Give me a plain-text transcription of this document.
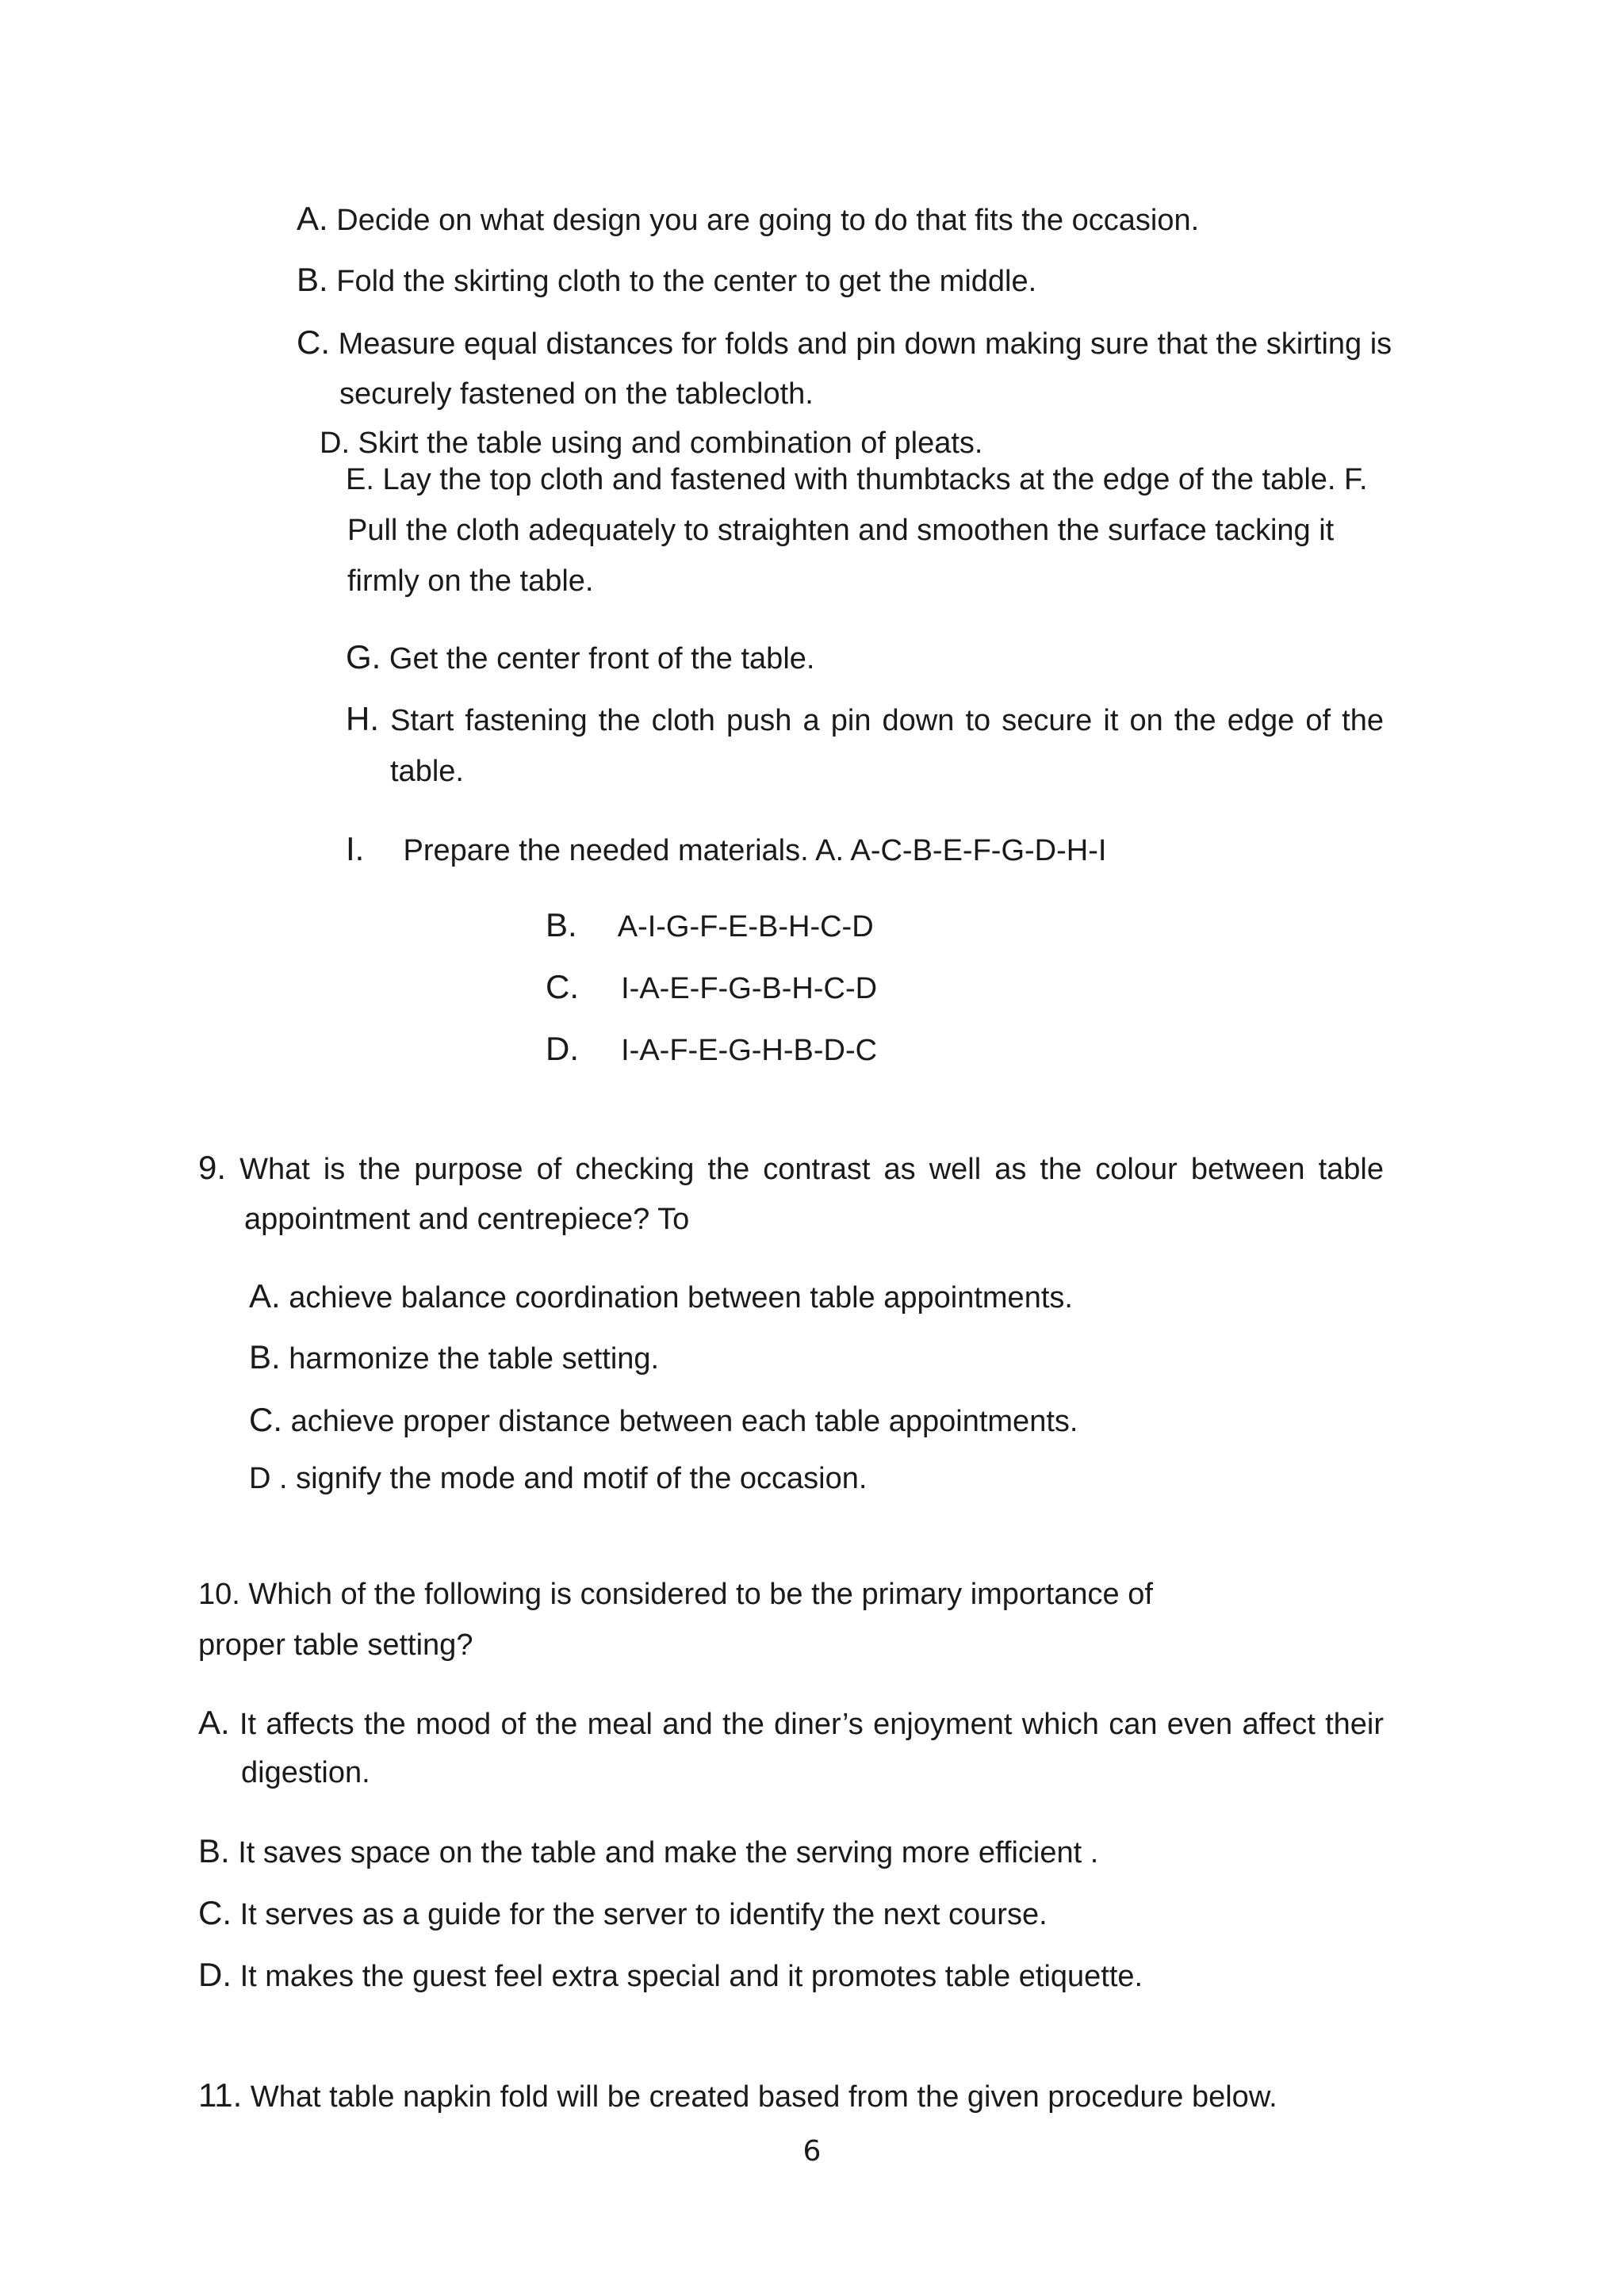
A. Decide on what design you are going to do that fits the occasion.
B. Fold the skirting cloth to the center to get the middle.
C. Measure equal distances for folds and pin down making sure that the skirting is
securely fastened on the tablecloth.
D. Skirt the table using and combination of pleats.
E. Lay the top cloth and fastened with thumbtacks at the edge of the table. F.
Pull the cloth adequately to straighten and smoothen the surface tacking it
firmly on the table.
G. Get the center front of the table.
H. Start fastening the cloth push a pin down to secure it on the edge of the
table.
I. Prepare the needed materials. A. A-C-B-E-F-G-D-H-I
B. A-I-G-F-E-B-H-C-D
C. I-A-E-F-G-B-H-C-D
D. I-A-F-E-G-H-B-D-C
9. What is the purpose of checking the contrast as well as the colour between table
appointment and centrepiece? To
A. achieve balance coordination between table appointments.
B. harmonize the table setting.
C. achieve proper distance between each table appointments.
D . signify the mode and motif of the occasion.
10. Which of the following is considered to be the primary importance of
proper table setting?
A. It affects the mood of the meal and the diner’s enjoyment which can even affect their
digestion.
B. It saves space on the table and make the serving more efficient .
C. It serves as a guide for the server to identify the next course.
D. It makes the guest feel extra special and it promotes table etiquette.
11. What table napkin fold will be created based from the given procedure below.
6
